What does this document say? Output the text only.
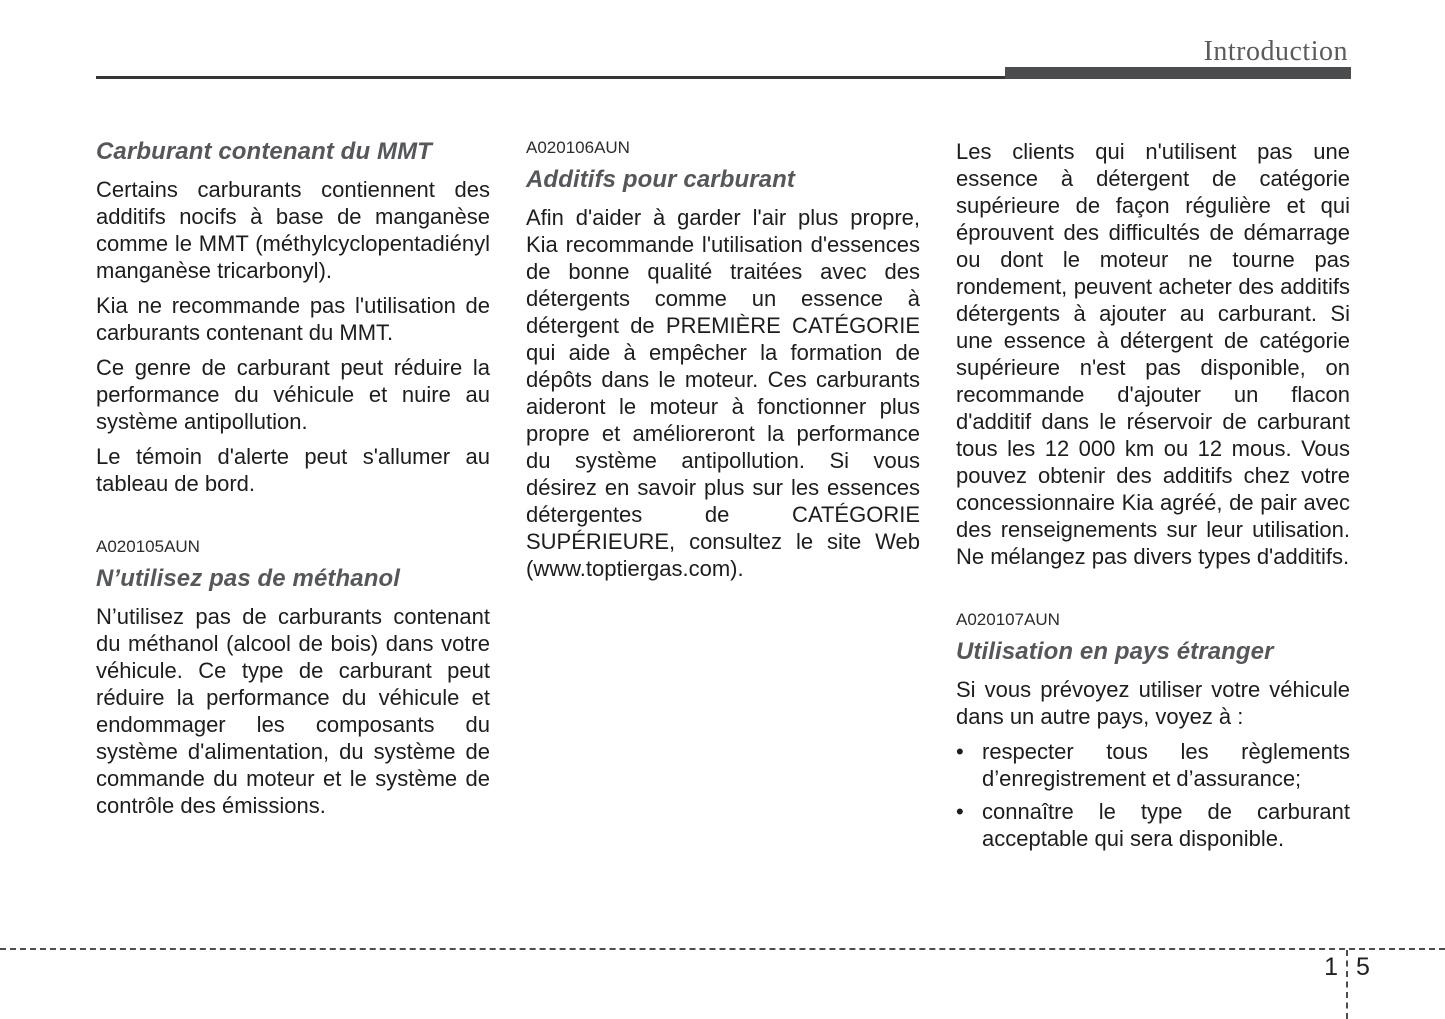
Introduction
Carburant contenant du MMT

Certains carburants contiennent des additifs nocifs à base de manganèse comme le MMT (méthylcyclopentadiényl manganèse tricarbonyl).

Kia ne recommande pas l'utilisation de carburants contenant du MMT.

Ce genre de carburant peut réduire la performance du véhicule et nuire au système antipollution.

Le témoin d'alerte peut s'allumer au tableau de bord.

A020105AUN
N’utilisez pas de méthanol

N’utilisez pas de carburants contenant du méthanol (alcool de bois) dans votre véhicule. Ce type de carburant peut réduire la performance du véhicule et endommager les composants du système d'alimentation, du système de commande du moteur et le système de contrôle des émissions.

A020106AUN
Additifs pour carburant

Afin d'aider à garder l'air plus propre, Kia recommande l'utilisation d'essences de bonne qualité traitées avec des détergents comme un essence à détergent de PREMIÈRE CATÉGORIE qui aide à empêcher la formation de dépôts dans le moteur. Ces carburants aideront le moteur à fonctionner plus propre et amélioreront la performance du système antipollution. Si vous désirez en savoir plus sur les essences détergentes de CATÉGORIE SUPÉRIEURE, consultez le site Web (www.toptiergas.com).

Les clients qui n'utilisent pas une essence à détergent de catégorie supérieure de façon régulière et qui éprouvent des difficultés de démarrage ou dont le moteur ne tourne pas rondement, peuvent acheter des additifs détergents à ajouter au carburant. Si une essence à détergent de catégorie supérieure n'est pas disponible, on recommande d'ajouter un flacon d'additif dans le réservoir de carburant tous les 12 000 km ou 12 mous. Vous pouvez obtenir des additifs chez votre concessionnaire Kia agréé, de pair avec des renseignements sur leur utilisation. Ne mélangez pas divers types d'additifs.

A020107AUN
Utilisation en pays étranger

Si vous prévoyez utiliser votre véhicule dans un autre pays, voyez à :

• respecter tous les règlements d’enregistrement et d’assurance;
• connaître le type de carburant acceptable qui sera disponible.
1 5
